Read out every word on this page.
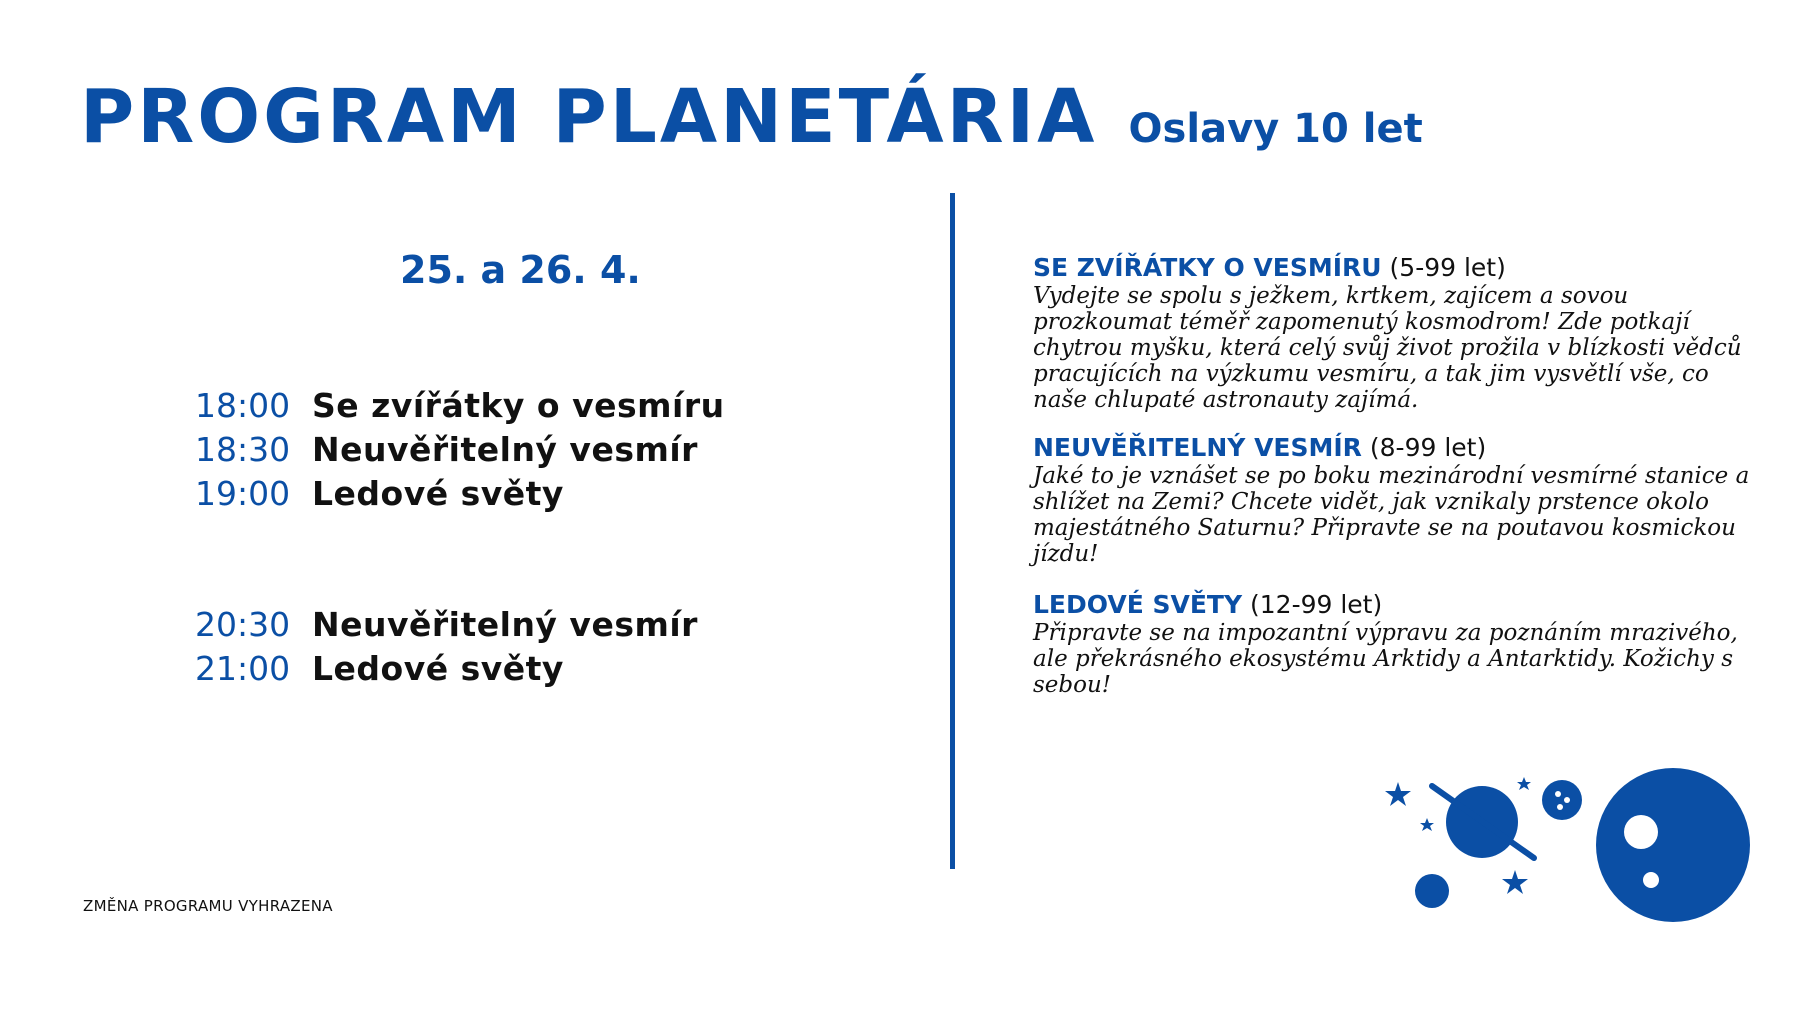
PROGRAM PLANETÁRIA Oslavy 10 let
25. a 26. 4.
18:00 Se zvířátky o vesmíru
18:30 Neuvěřitelný vesmír
19:00 Ledové světy
20:30 Neuvěřitelný vesmír
21:00 Ledové světy
SE ZVÍŘÁTKY O VESMÍRU (5-99 let)
Vydejte se spolu s ježkem, krtkem, zajícem a sovou prozkoumat téměř zapomenutý kosmodrom! Zde potkají chytrou myšku, která celý svůj život prožila v blízkosti vědců pracujících na výzkumu vesmíru, a tak jim vysvětlí vše, co naše chlupaté astronauty zajímá.
NEUVĚŘITELNÝ VESMÍR (8-99 let)
Jaké to je vznášet se po boku mezinárodní vesmírné stanice a shlížet na Zemi? Chcete vidět, jak vznikaly prstence okolo majestátného Saturnu? Připravte se na poutavou kosmickou jízdu!
LEDOVÉ SVĚTY (12-99 let)
Připravte se na impozantní výpravu za poznáním mrazivého, ale překrásného ekosystému Arktidy a Antarktidy. Kožichy s sebou!
ZMĚNA PROGRAMU VYHRAZENA
